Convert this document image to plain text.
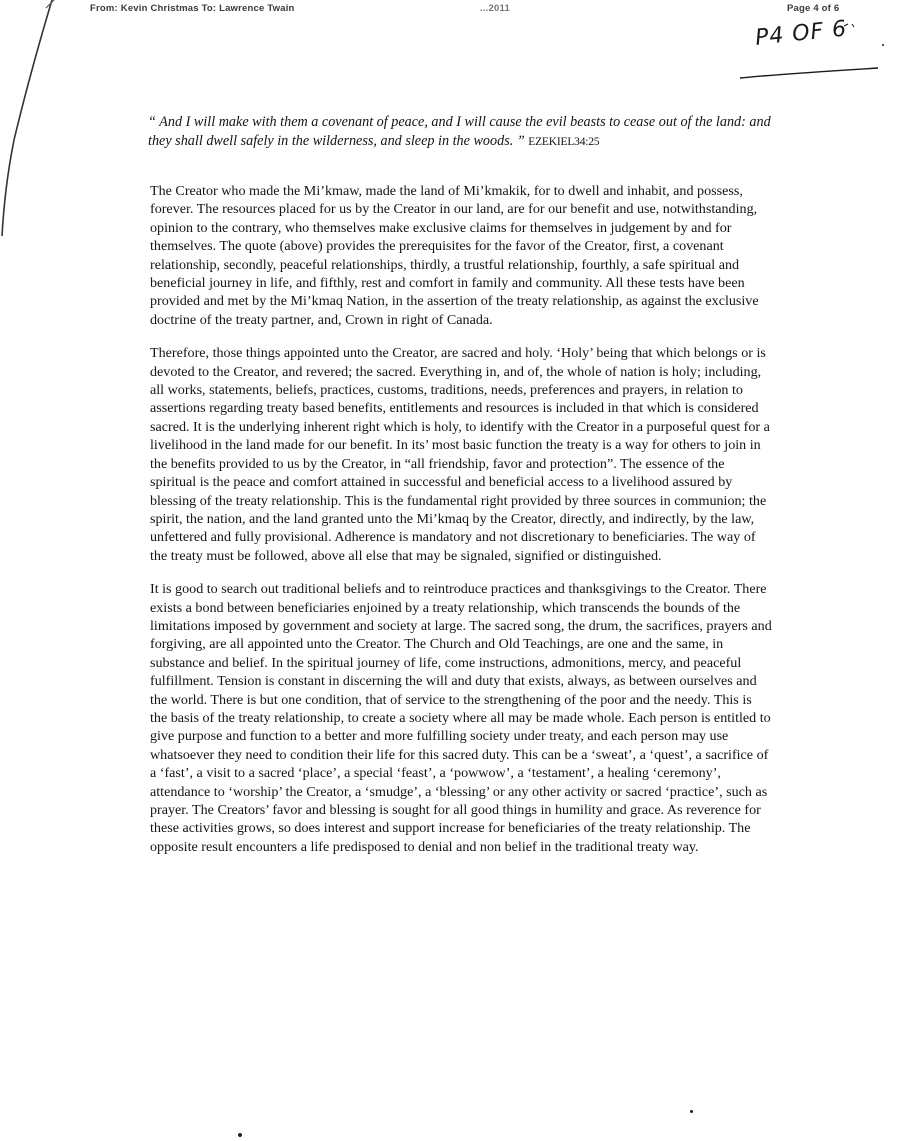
From: Kevin Christmas To: Lawrence Twain	...2011	Page 4 of 6
P4 OF 6
“ And I will make with them a covenant of peace, and I will cause the evil beasts to cease out of the land: and they shall dwell safely in the wilderness, and sleep in the woods. ” EZEKIEL34:25

The Creator who made the Mi’kmaw, made the land of Mi’kmakik, for to dwell and inhabit, and possess, forever. The resources placed for us by the Creator in our land, are for our benefit and use, notwithstanding, opinion to the contrary, who themselves make exclusive claims for themselves in judgement by and for themselves. The quote (above) provides the prerequisites for the favor of the Creator, first, a covenant relationship, secondly, peaceful relationships, thirdly, a trustful relationship, fourthly, a safe spiritual and beneficial journey in life, and fifthly, rest and comfort in family and community. All these tests have been provided and met by the Mi’kmaq Nation, in the assertion of the treaty relationship, as against the exclusive doctrine of the treaty partner, and, Crown in right of Canada.

Therefore, those things appointed unto the Creator, are sacred and holy. ‘Holy’ being that which belongs or is devoted to the Creator, and revered; the sacred. Everything in, and of, the whole of nation is holy; including, all works, statements, beliefs, practices, customs, traditions, needs, preferences and prayers, in relation to assertions regarding treaty based benefits, entitlements and resources is included in that which is considered sacred. It is the underlying inherent right which is holy, to identify with the Creator in a purposeful quest for a livelihood in the land made for our benefit. In its’ most basic function the treaty is a way for others to join in the benefits provided to us by the Creator, in “all friendship, favor and protection”. The essence of the spiritual is the peace and comfort attained in successful and beneficial access to a livelihood assured by blessing of the treaty relationship. This is the fundamental right provided by three sources in communion; the spirit, the nation, and the land granted unto the Mi’kmaq by the Creator, directly, and indirectly, by the law, unfettered and fully provisional. Adherence is mandatory and not discretionary to beneficiaries. The way of the treaty must be followed, above all else that may be signaled, signified or distinguished.

It is good to search out traditional beliefs and to reintroduce practices and thanksgivings to the Creator. There exists a bond between beneficiaries enjoined by a treaty relationship, which transcends the bounds of the limitations imposed by government and society at large. The sacred song, the drum, the sacrifices, prayers and forgiving, are all appointed unto the Creator. The Church and Old Teachings, are one and the same, in substance and belief. In the spiritual journey of life, come instructions, admonitions, mercy, and peaceful fulfillment. Tension is constant in discerning the will and duty that exists, always, as between ourselves and the world. There is but one condition, that of service to the strengthening of the poor and the needy. This is the basis of the treaty relationship, to create a society where all may be made whole. Each person is entitled to give purpose and function to a better and more fulfilling society under treaty, and each person may use whatsoever they need to condition their life for this sacred duty. This can be a ‘sweat’, a ‘quest’, a sacrifice of a ‘fast’, a visit to a sacred ‘place’, a special ‘feast’, a ‘powwow’, a ‘testament’, a healing ‘ceremony’, attendance to ‘worship’ the Creator, a ‘smudge’, a ‘blessing’ or any other activity or sacred ‘practice’, such as prayer. The Creators’ favor and blessing is sought for all good things in humility and grace. As reverence for these activities grows, so does interest and support increase for beneficiaries of the treaty relationship. The opposite result encounters a life predisposed to denial and non belief in the traditional treaty way.
